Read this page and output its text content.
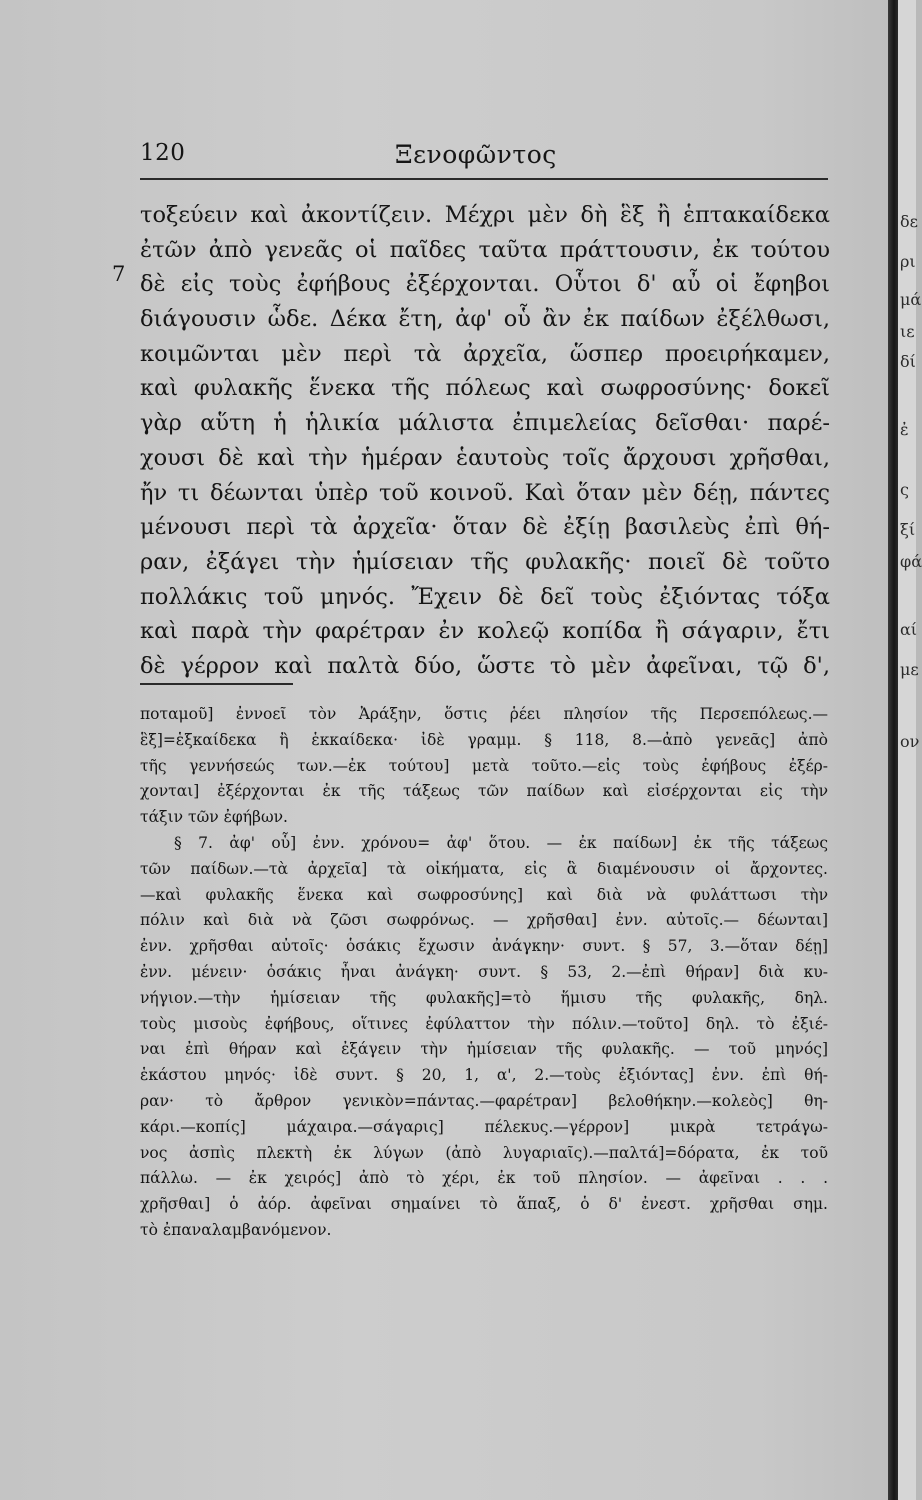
120	Ξενοφῶντος
7
τοξεύειν καὶ ἀκοντίζειν. Μέχρι μὲν δὴ ἓξ ἢ ἑπτακαίδεκα
ἐτῶν ἀπὸ γενεᾶς οἱ παῖδες ταῦτα πράττουσιν, ἐκ τούτου
δὲ εἰς τοὺς ἐφήβους ἐξέρχονται. Οὗτοι δ' αὖ οἱ ἔφηβοι
διάγουσιν ὧδε. Δέκα ἔτη, ἀφ' οὗ ἂν ἐκ παίδων ἐξέλθωσι,
κοιμῶνται μὲν περὶ τὰ ἀρχεῖα, ὥσπερ προειρήκαμεν,
καὶ φυλακῆς ἕνεκα τῆς πόλεως καὶ σωφροσύνης· δοκεῖ
γὰρ αὕτη ἡ ἡλικία μάλιστα ἐπιμελείας δεῖσθαι· παρέ-
χουσι δὲ καὶ τὴν ἡμέραν ἑαυτοὺς τοῖς ἄρχουσι χρῆσθαι,
ἤν τι δέωνται ὑπὲρ τοῦ κοινοῦ. Καὶ ὅταν μὲν δέῃ, πάντες
μένουσι περὶ τὰ ἀρχεῖα· ὅταν δὲ ἐξίῃ βασιλεὺς ἐπὶ θή-
ραν, ἐξάγει τὴν ἡμίσειαν τῆς φυλακῆς· ποιεῖ δὲ τοῦτο
πολλάκις τοῦ μηνός. Ἔχειν δὲ δεῖ τοὺς ἐξιόντας τόξα
καὶ παρὰ τὴν φαρέτραν ἐν κολεῷ κοπίδα ἢ σάγαριν, ἔτι
δὲ γέρρον καὶ παλτὰ δύο, ὥστε τὸ μὲν ἀφεῖναι, τῷ δ',
ποταμοῦ] ἐννοεῖ τὸν Ἀράξην, ὅστις ῥέει πλησίον τῆς Περσεπόλεως.—
ἓξ]=ἑξκαίδεκα ἢ ἑκκαίδεκα· ἰδὲ γραμμ. § 118, 8.—ἀπὸ γενεᾶς] ἀπὸ
τῆς γεννήσεώς των.—ἐκ τούτου] μετὰ τοῦτο.—εἰς τοὺς ἐφήβους ἐξέρ-
χονται] ἐξέρχονται ἐκ τῆς τάξεως τῶν παίδων καὶ εἰσέρχονται εἰς τὴν
τάξιν τῶν ἐφήβων.
§ 7. ἀφ' οὗ] ἐνν. χρόνου= ἀφ' ὅτου. — ἐκ παίδων] ἐκ τῆς τάξεως
τῶν παίδων.—τὰ ἀρχεῖα] τὰ οἰκήματα, εἰς ἃ διαμένουσιν οἱ ἄρχοντες.
—καὶ φυλακῆς ἕνεκα καὶ σωφροσύνης] καὶ διὰ νὰ φυλάττωσι τὴν
πόλιν καὶ διὰ νὰ ζῶσι σωφρόνως. — χρῆσθαι] ἐνν. αὐτοῖς.— δέωνται]
ἐνν. χρῆσθαι αὐτοῖς· ὁσάκις ἔχωσιν ἀνάγκην· συντ. § 57, 3.—ὅταν δέῃ]
ἐνν. μένειν· ὁσάκις ἦναι ἀνάγκη· συντ. § 53, 2.—ἐπὶ θήραν] διὰ κυ-
νήγιον.—τὴν ἡμίσειαν τῆς φυλακῆς]=τὸ ἥμισυ τῆς φυλακῆς, δηλ.
τοὺς μισοὺς ἐφήβους, οἵτινες ἐφύλαττον τὴν πόλιν.—τοῦτο] δηλ. τὸ ἐξιέ-
ναι ἐπὶ θήραν καὶ ἐξάγειν τὴν ἡμίσειαν τῆς φυλακῆς. — τοῦ μηνός]
ἑκάστου μηνός· ἰδὲ συντ. § 20, 1, α', 2.—τοὺς ἐξιόντας] ἐνν. ἐπὶ θή-
ραν· τὸ ἄρθρον γενικὸν=πάντας.—φαρέτραν] βελοθήκην.—κολεὸς] θη-
κάρι.—κοπίς] μάχαιρα.—σάγαρις] πέλεκυς.—γέρρον] μικρὰ τετράγω-
νος ἀσπὶς πλεκτὴ ἐκ λύγων (ἀπὸ λυγαριαῖς).—παλτά]=δόρατα, ἐκ τοῦ
πάλλω. — ἐκ χειρός] ἀπὸ τὸ χέρι, ἐκ τοῦ πλησίον. — ἀφεῖναι . . .
χρῆσθαι] ὁ ἀόρ. ἀφεῖναι σημαίνει τὸ ἅπαξ, ὁ δ' ἐνεστ. χρῆσθαι σημ.
τὸ ἐπαναλαμβανόμενον.
δε
ρι
μά
ιε
δί
ἐ
ς
ξί
φά
αί
με
ον
